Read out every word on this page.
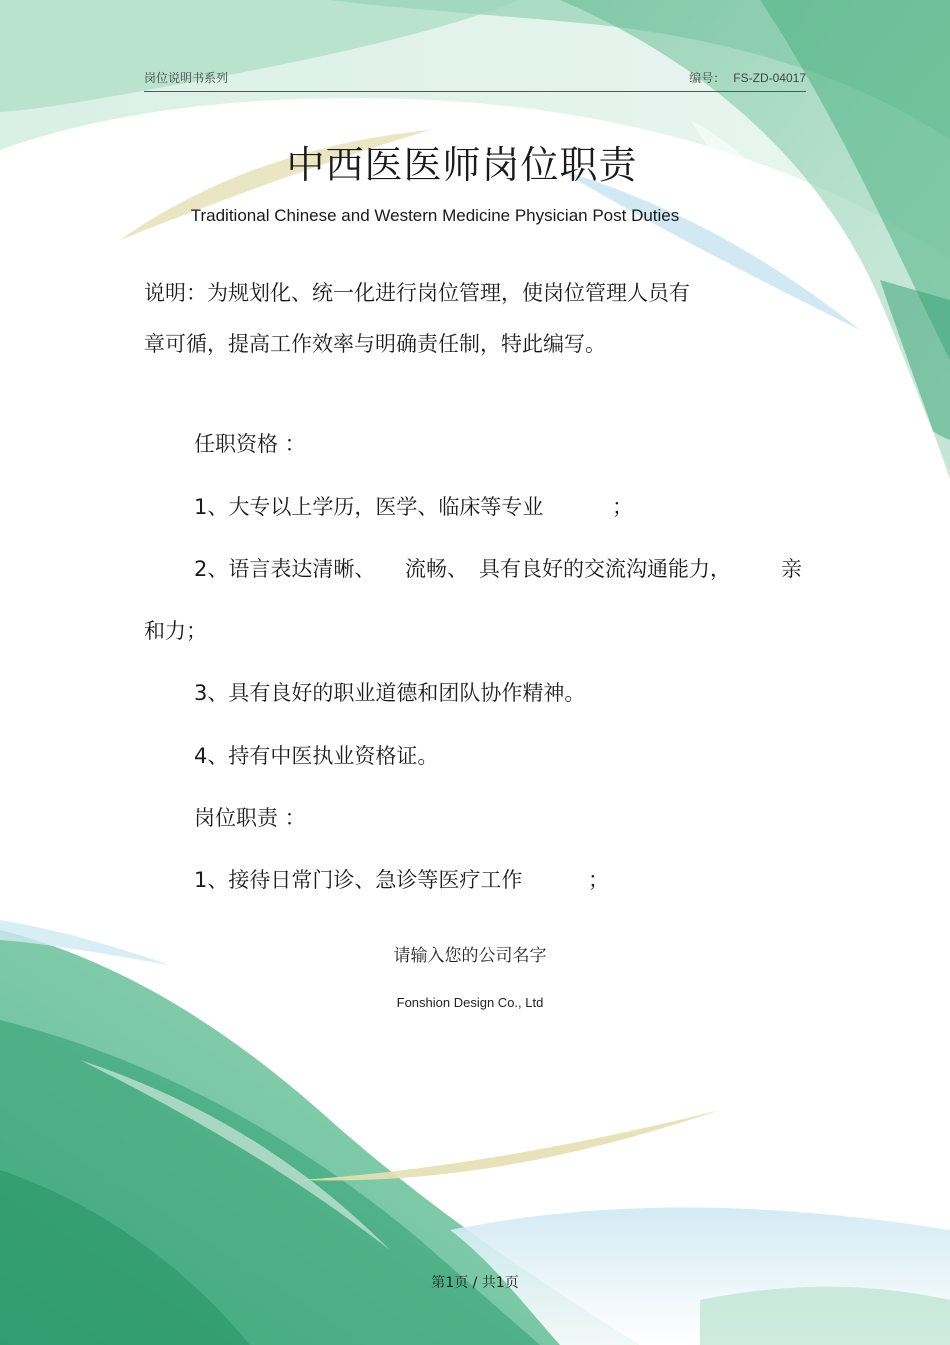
岗位说明书系列	编号： FS-ZD-04017
中西医医师岗位职责
Traditional Chinese and Western Medicine Physician Post Duties
说明：为规划化、统一化进行岗位管理，使岗位管理人员有
章可循，提高工作效率与明确责任制，特此编写。
任职资格 ：
1、大专以上学历，医学、临床等专业	；
2、语言表达清晰、 流畅、 具有良好的交流沟通能力， 亲
和力；
3、具有良好的职业道德和团队协作精神。
4、持有中医执业资格证。
岗位职责 ：
1、接待日常门诊、急诊等医疗工作	；
请输入您的公司名字
Fonshion Design Co., Ltd
第1页 / 共1页
